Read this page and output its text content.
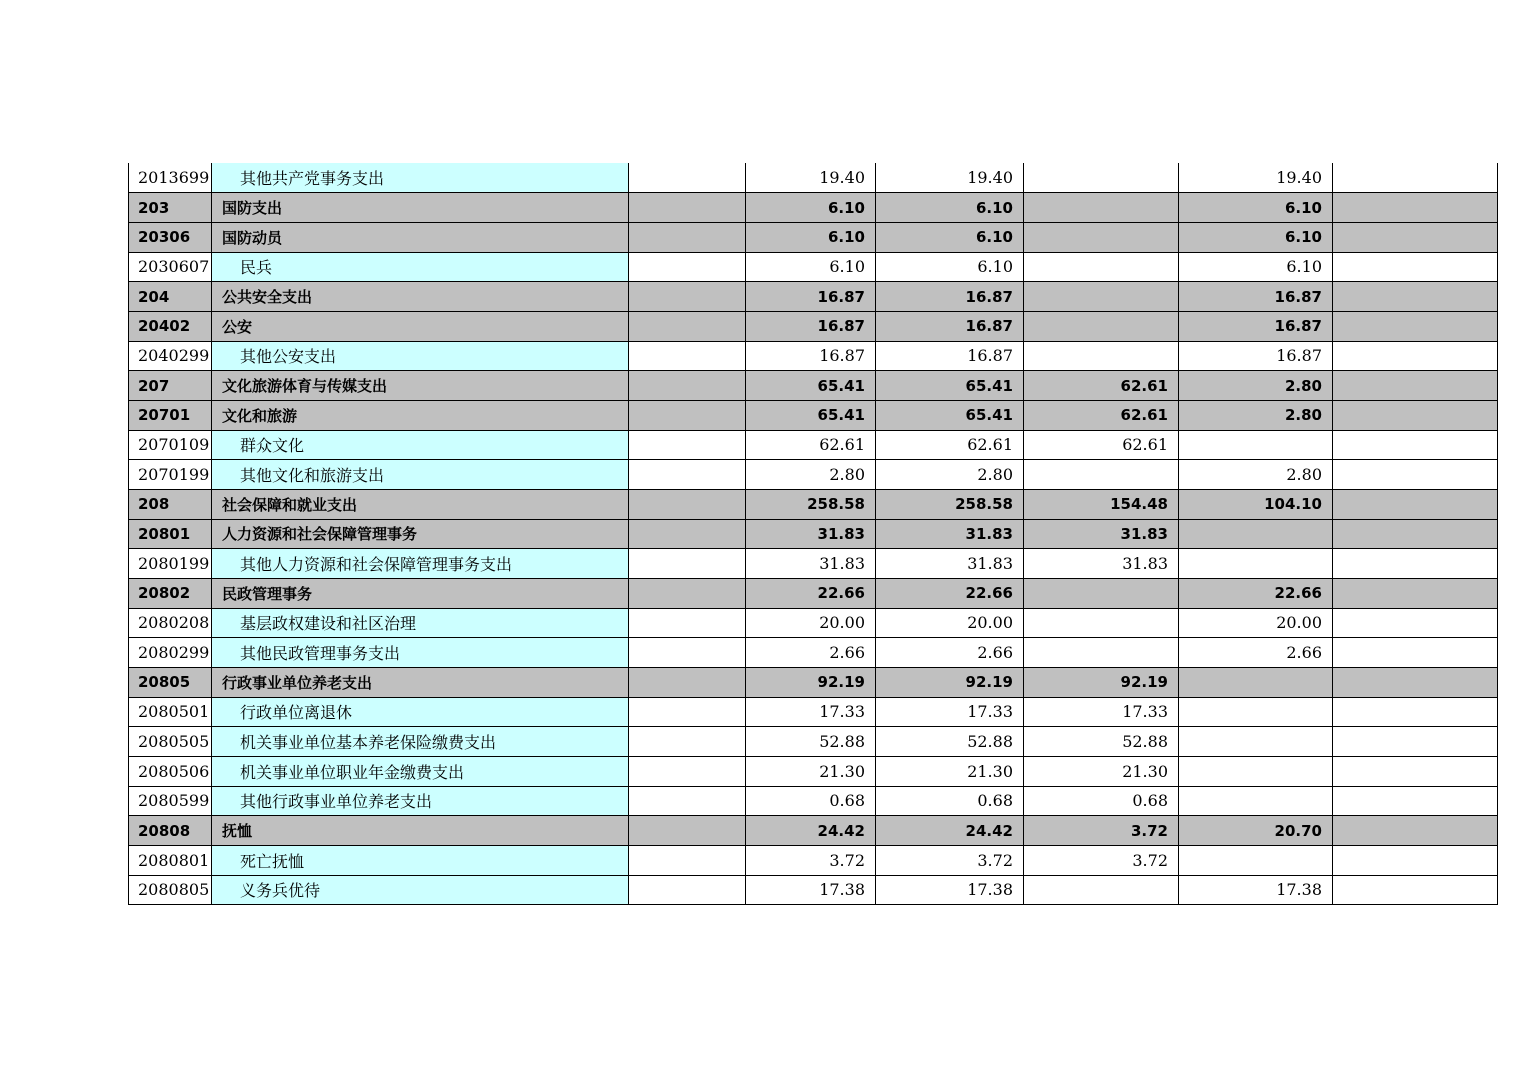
2013699	其他共产党事务支出		19.40	19.40		19.40	
203	国防支出		6.10	6.10		6.10	
20306	国防动员		6.10	6.10		6.10	
2030607	民兵		6.10	6.10		6.10	
204	公共安全支出		16.87	16.87		16.87	
20402	公安		16.87	16.87		16.87	
2040299	其他公安支出		16.87	16.87		16.87	
207	文化旅游体育与传媒支出		65.41	65.41	62.61	2.80	
20701	文化和旅游		65.41	65.41	62.61	2.80	
2070109	群众文化		62.61	62.61	62.61		
2070199	其他文化和旅游支出		2.80	2.80		2.80	
208	社会保障和就业支出		258.58	258.58	154.48	104.10	
20801	人力资源和社会保障管理事务		31.83	31.83	31.83		
2080199	其他人力资源和社会保障管理事务支出		31.83	31.83	31.83		
20802	民政管理事务		22.66	22.66		22.66	
2080208	基层政权建设和社区治理		20.00	20.00		20.00	
2080299	其他民政管理事务支出		2.66	2.66		2.66	
20805	行政事业单位养老支出		92.19	92.19	92.19		
2080501	行政单位离退休		17.33	17.33	17.33		
2080505	机关事业单位基本养老保险缴费支出		52.88	52.88	52.88		
2080506	机关事业单位职业年金缴费支出		21.30	21.30	21.30		
2080599	其他行政事业单位养老支出		0.68	0.68	0.68		
20808	抚恤		24.42	24.42	3.72	20.70	
2080801	死亡抚恤		3.72	3.72	3.72		
2080805	义务兵优待		17.38	17.38		17.38	
